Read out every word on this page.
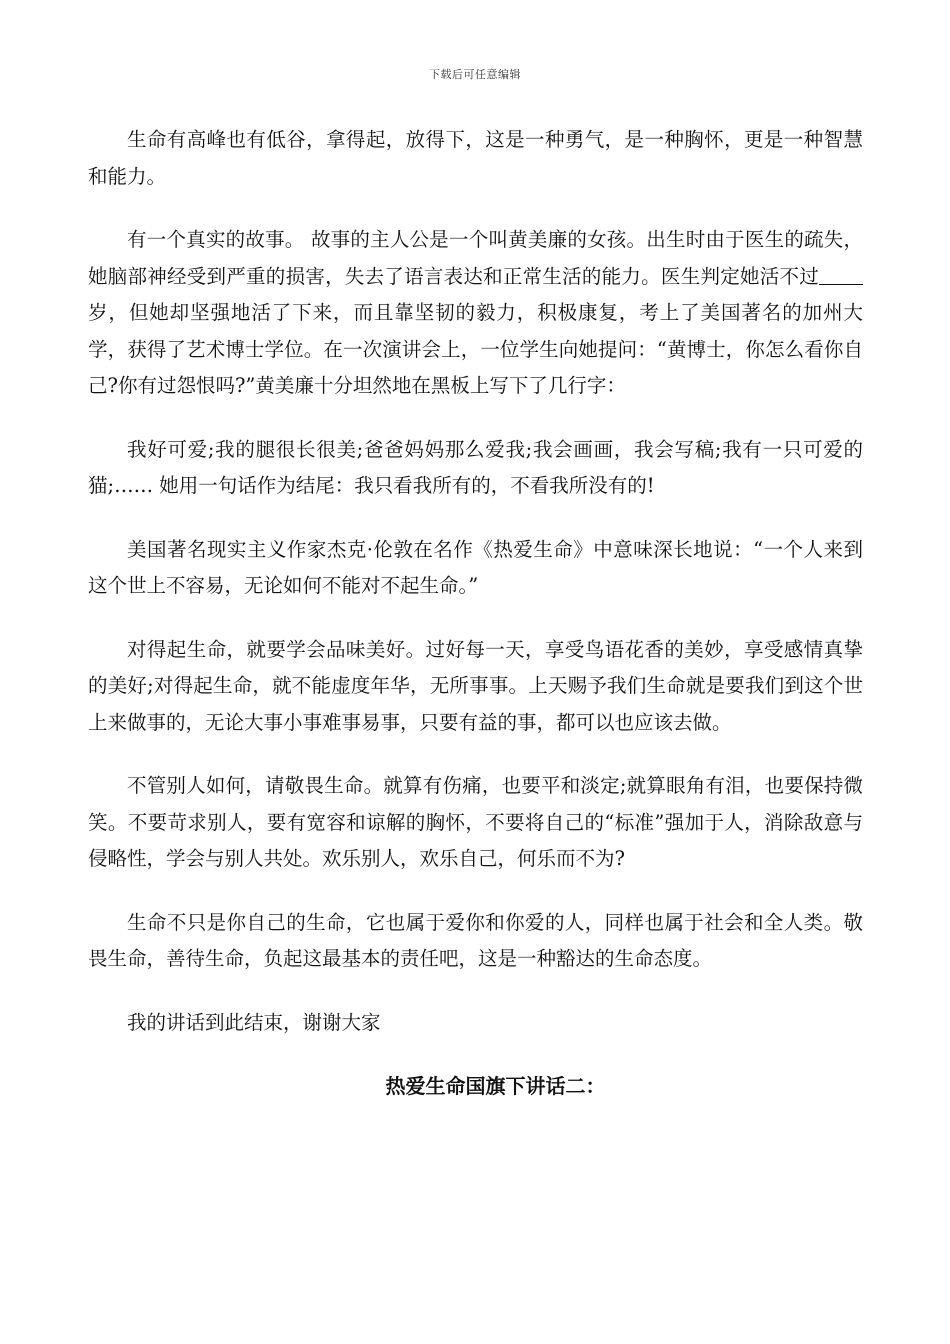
下载后可任意编辑

生命有高峰也有低谷，拿得起，放得下，这是一种勇气，是一种胸怀，更是一种智慧和能力。

有一个真实的故事。 故事的主人公是一个叫黄美廉的女孩。出生时由于医生的疏失，她脑部神经受到严重的损害，失去了语言表达和正常生活的能力。医生判定她活不过岁，但她却坚强地活了下来，而且靠坚韧的毅力，积极康复，考上了美国著名的加州大学，获得了艺术博士学位。在一次演讲会上，一位学生向她提问：“黄博士，你怎么看你自己?你有过怨恨吗?”黄美廉十分坦然地在黑板上写下了几行字：

我好可爱;我的腿很长很美;爸爸妈妈那么爱我;我会画画，我会写稿;我有一只可爱的猫;…… 她用一句话作为结尾：我只看我所有的，不看我所没有的!

美国著名现实主义作家杰克·伦敦在名作《热爱生命》中意味深长地说：“一个人来到这个世上不容易，无论如何不能对不起生命。”

对得起生命，就要学会品味美好。过好每一天，享受鸟语花香的美妙，享受感情真挚的美好;对得起生命，就不能虚度年华，无所事事。上天赐予我们生命就是要我们到这个世上来做事的，无论大事小事难事易事，只要有益的事，都可以也应该去做。

不管别人如何，请敬畏生命。就算有伤痛，也要平和淡定;就算眼角有泪，也要保持微笑。不要苛求别人，要有宽容和谅解的胸怀，不要将自己的“标准”强加于人，消除敌意与侵略性，学会与别人共处。欢乐别人，欢乐自己，何乐而不为?

生命不只是你自己的生命，它也属于爱你和你爱的人，同样也属于社会和全人类。敬畏生命，善待生命，负起这最基本的责任吧，这是一种豁达的生命态度。

我的讲话到此结束，谢谢大家

热爱生命国旗下讲话二：
